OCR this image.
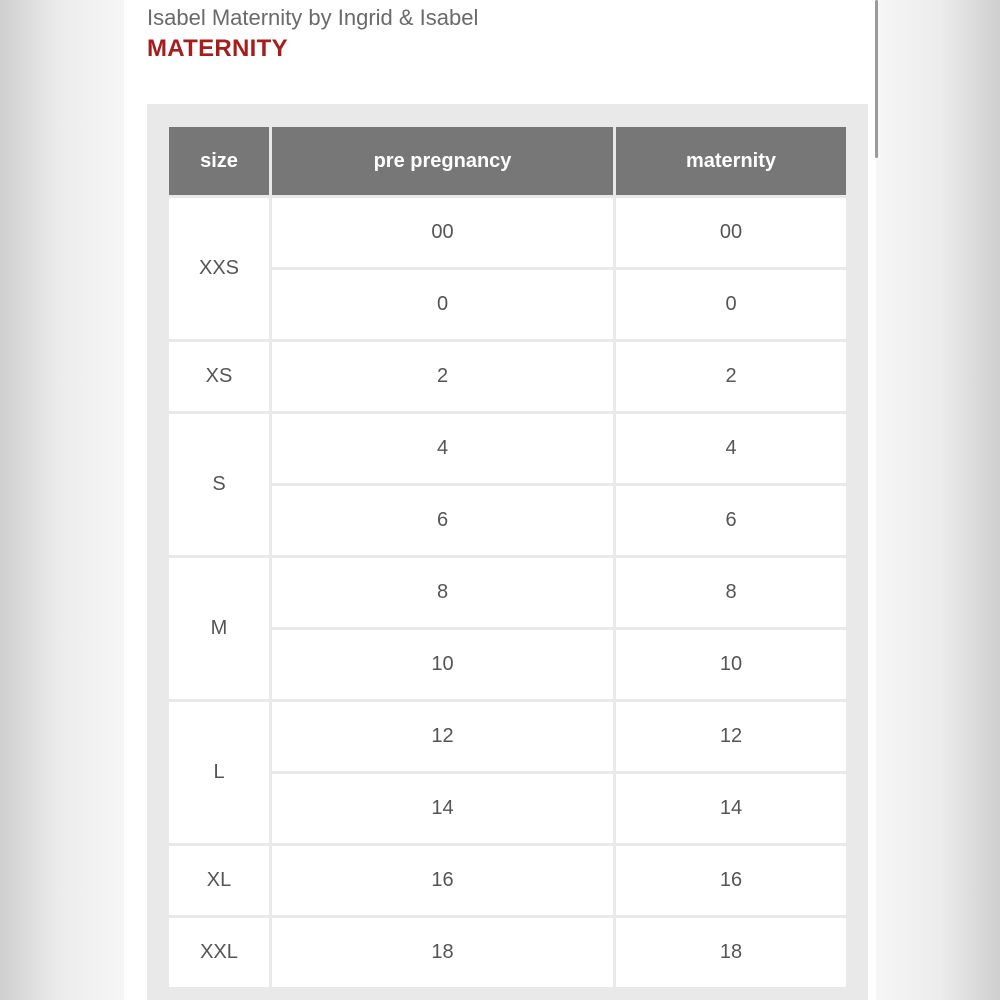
Isabel Maternity by Ingrid & Isabel
MATERNITY
size	pre pregnancy	maternity
XXS	00	00
	0	0
XS	2	2
S	4	4
	6	6
M	8	8
	10	10
L	12	12
	14	14
XL	16	16
XXL	18	18
